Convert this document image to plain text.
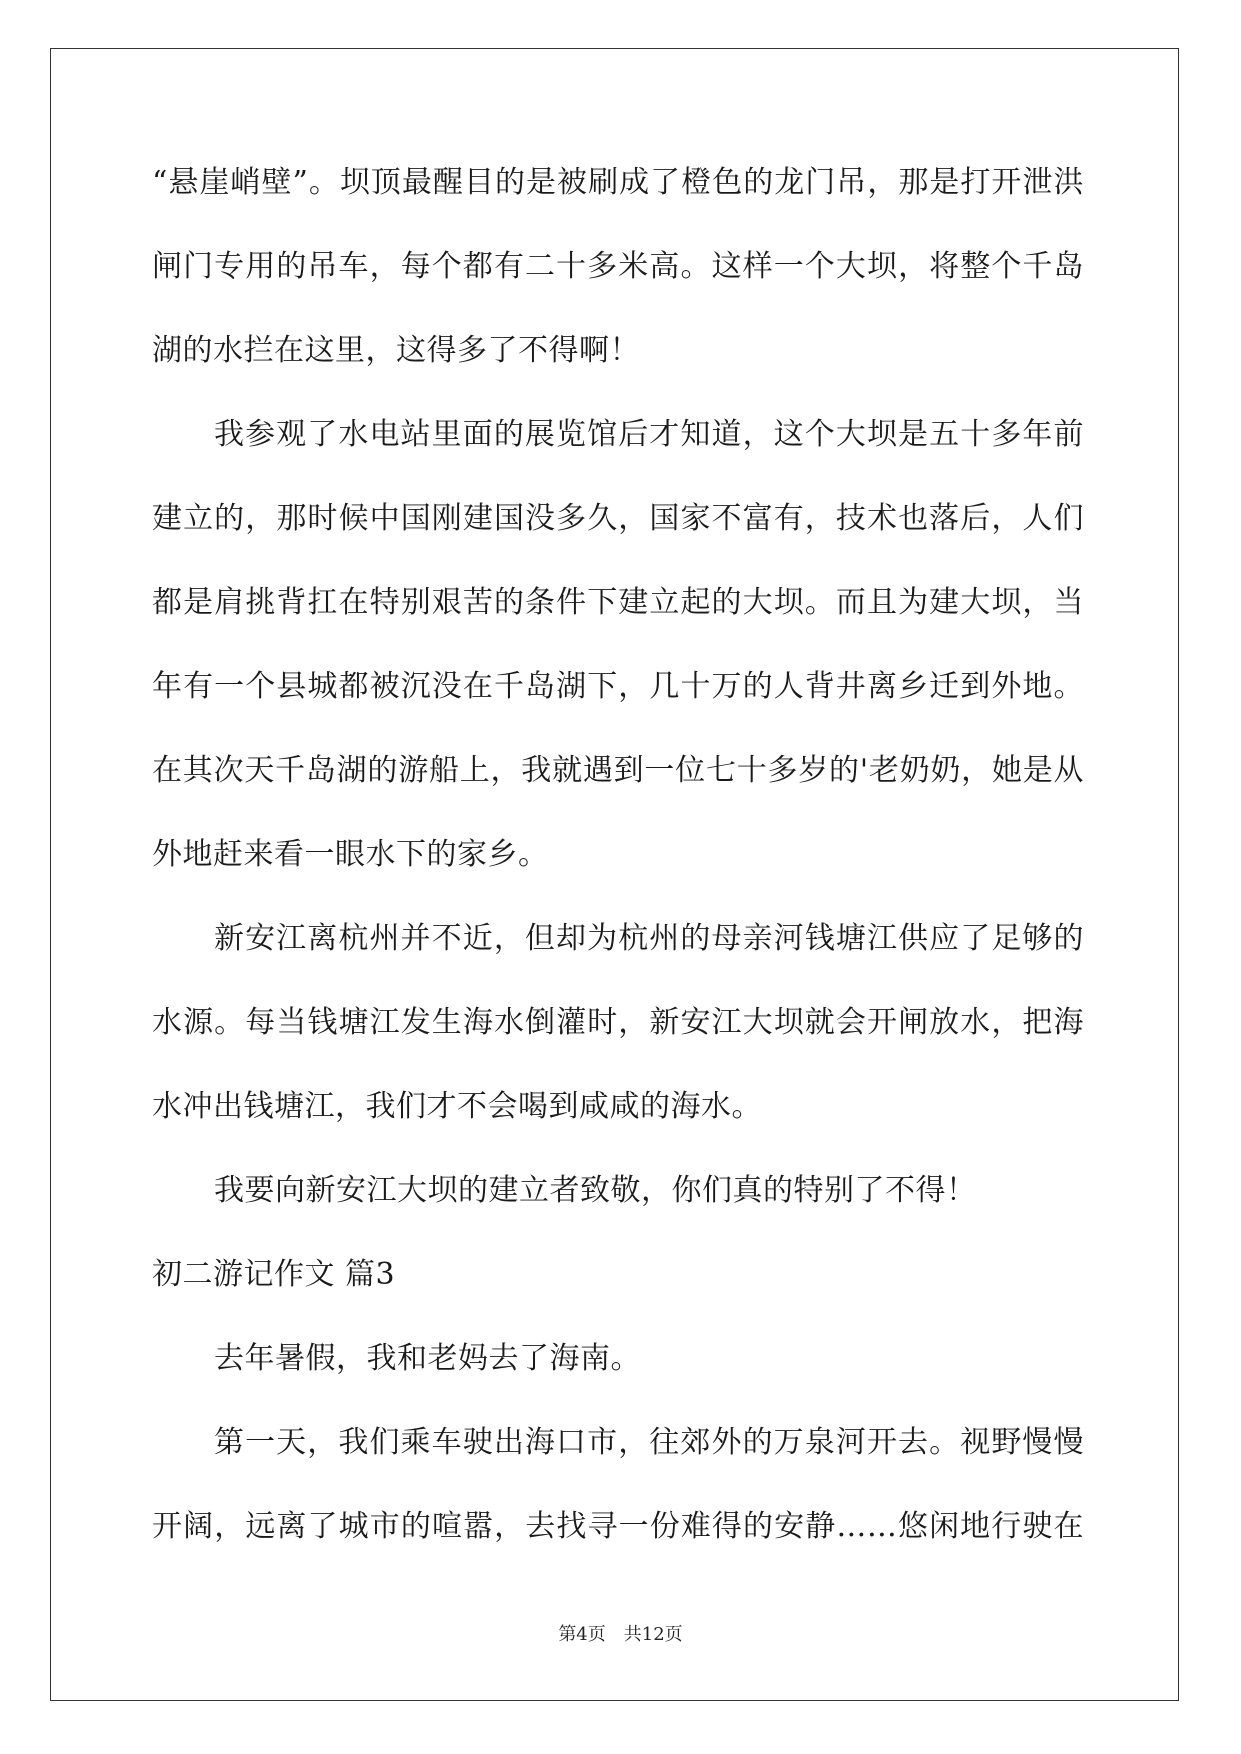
“悬崖峭壁”。坝顶最醒目的是被刷成了橙色的龙门吊，那是打开泄洪
闸门专用的吊车，每个都有二十多米高。这样一个大坝，将整个千岛
湖的水拦在这里，这得多了不得啊！
我参观了水电站里面的展览馆后才知道，这个大坝是五十多年前
建立的，那时候中国刚建国没多久，国家不富有，技术也落后，人们
都是肩挑背扛在特别艰苦的条件下建立起的大坝。而且为建大坝，当
年有一个县城都被沉没在千岛湖下，几十万的人背井离乡迁到外地。
在其次天千岛湖的游船上，我就遇到一位七十多岁的'老奶奶，她是从
外地赶来看一眼水下的家乡。
新安江离杭州并不近，但却为杭州的母亲河钱塘江供应了足够的
水源。每当钱塘江发生海水倒灌时，新安江大坝就会开闸放水，把海
水冲出钱塘江，我们才不会喝到咸咸的海水。
我要向新安江大坝的建立者致敬，你们真的特别了不得！
初二游记作文 篇3
去年暑假，我和老妈去了海南。
第一天，我们乘车驶出海口市，往郊外的万泉河开去。视野慢慢
开阔，远离了城市的喧嚣，去找寻一份难得的安静……悠闲地行驶在
第4页　共12页
